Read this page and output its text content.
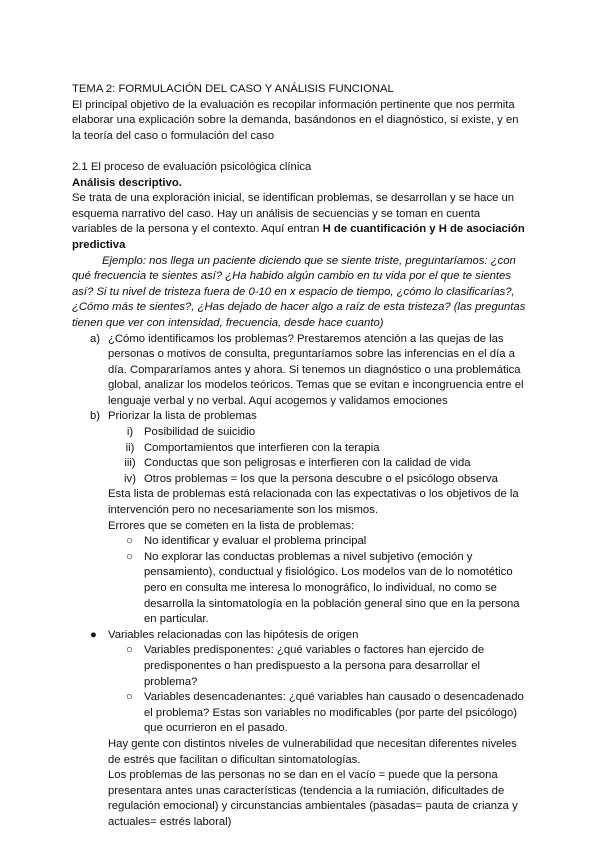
TEMA 2: FORMULACIÓN DEL CASO Y ANÁLISIS FUNCIONAL

El principal objetivo de la evaluación es recopilar información pertinente que nos permita elaborar una explicación sobre la demanda, basándonos en el diagnóstico, si existe, y en la teoría del caso o formulación del caso

2.1 El proceso de evaluación psicológica clínica

Análisis descriptivo.

Se trata de una exploración inicial, se identifican problemas, se desarrollan y se hace un esquema narrativo del caso. Hay un análisis de secuencias y se toman en cuenta variables de la persona y el contexto. Aquí entran H de cuantificación y H de asociación predictiva

Ejemplo: nos llega un paciente diciendo que se siente triste, preguntaríamos: ¿con qué frecuencia te sientes así? ¿Ha habido algún cambio en tu vida por el que te sientes así? Si tu nivel de tristeza fuera de 0-10 en x espacio de tiempo, ¿cómo lo clasificarías?, ¿Cómo más te sientes?, ¿Has dejado de hacer algo a raíz de esta tristeza? (las preguntas tienen que ver con intensidad, frecuencia, desde hace cuanto)

a) ¿Cómo identificamos los problemas? Prestaremos atención a las quejas de las personas o motivos de consulta, preguntaríamos sobre las inferencias en el día a día. Compararíamos antes y ahora. Si tenemos un diagnóstico o una problemática global, analizar los modelos teóricos. Temas que se evitan e incongruencia entre el lenguaje verbal y no verbal. Aquí acogemos y validamos emociones
b) Priorizar la lista de problemas
i) Posibilidad de suicidio
ii) Comportamientos que interfieren con la terapia
iii) Conductas que son peligrosas e interfieren con la calidad de vida
iv) Otros problemas = los que la persona descubre o el psicólogo observa

Esta lista de problemas está relacionada con las expectativas o los objetivos de la intervención pero no necesariamente son los mismos.

Errores que se cometen en la lista de problemas:

○ No identificar y evaluar el problema principal
○ No explorar las conductas problemas a nivel subjetivo (emoción y pensamiento), conductual y fisiológico. Los modelos van de lo nomotético pero en consulta me interesa lo monográfico, lo individual, no como se desarrolla la sintomatología en la población general sino que en la persona en particular.
● Variables relacionadas con las hipótesis de origen
○ Variables predisponentes: ¿qué variables o factores han ejercido de predisponentes o han predispuesto a la persona para desarrollar el problema?
○ Variables desencadenantes: ¿qué variables han causado o desencadenado el problema? Estas son variables no modificables (por parte del psicólogo) que ocurrieron en el pasado.

Hay gente con distintos niveles de vulnerabilidad que necesitan diferentes niveles de estrés que facilitan o dificultan sintomatologías.

Los problemas de las personas no se dan en el vacío = puede que la persona presentara antes unas características (tendencia a la rumiación, dificultades de regulación emocional) y circunstancias ambientales (pasadas= pauta de crianza y actuales= estrés laboral)
